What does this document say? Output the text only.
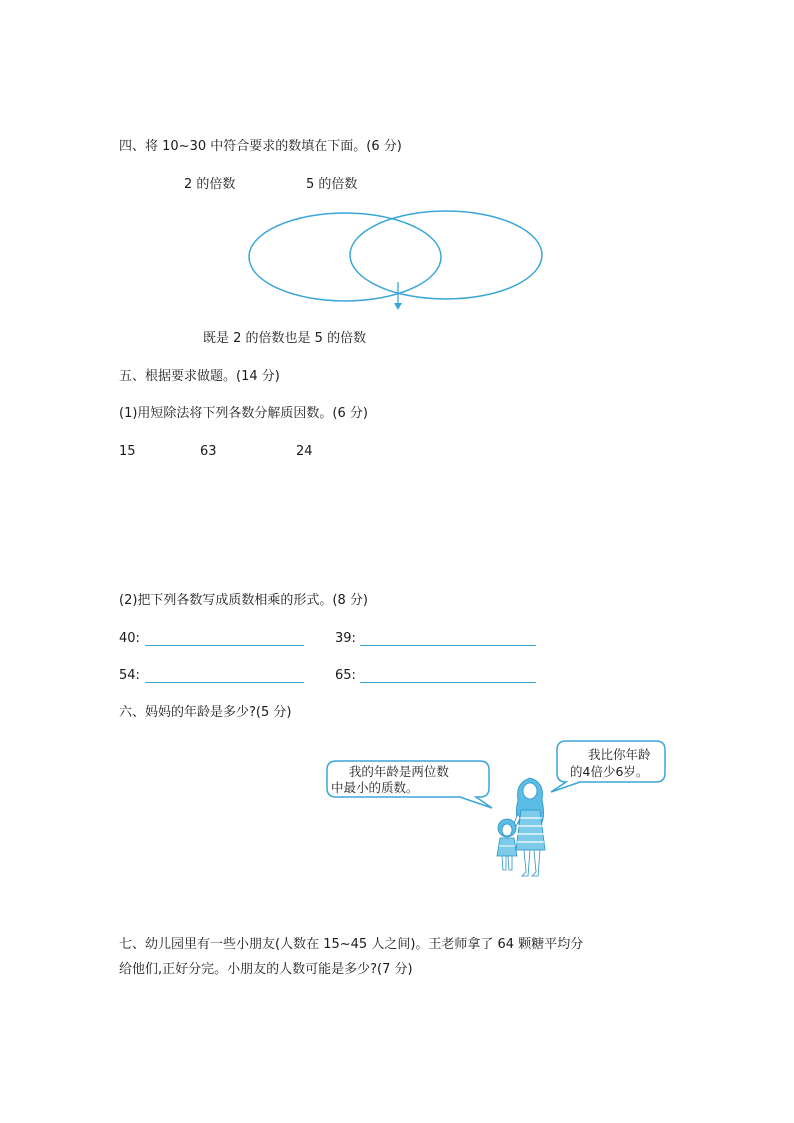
四、将 10~30 中符合要求的数填在下面。(6 分)
2 的倍数	5 的倍数
既是 2 的倍数也是 5 的倍数
五、根据要求做题。(14 分)
(1)用短除法将下列各数分解质因数。(6 分)
15	63	24
(2)把下列各数写成质数相乘的形式。(8 分)
40:	39:
54:	65:
六、妈妈的年龄是多少?(5 分)
我的年龄是两位数
中最小的质数。
我比你年龄
的4倍少6岁。
七、幼儿园里有一些小朋友(人数在 15~45 人之间)。王老师拿了 64 颗糖平均分
给他们,正好分完。小朋友的人数可能是多少?(7 分)
